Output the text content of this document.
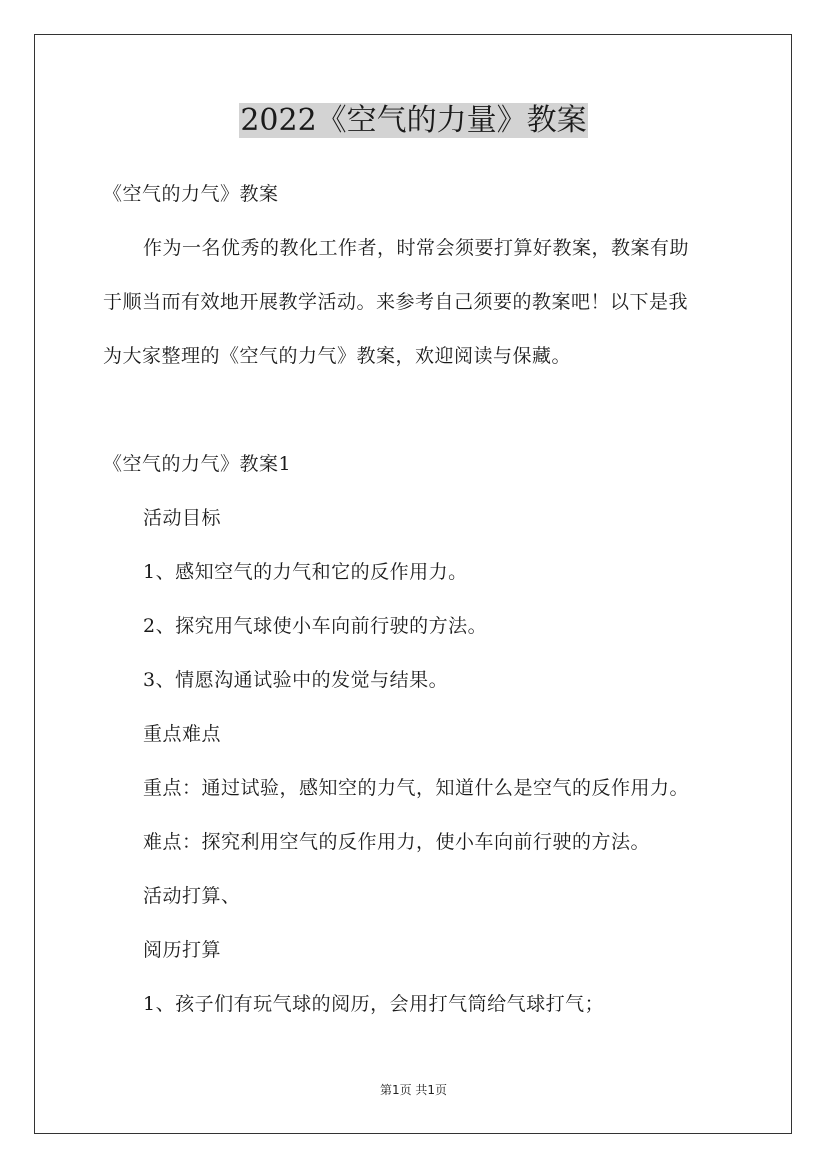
2022《空气的力量》教案

《空气的力气》教案

作为一名优秀的教化工作者，时常会须要打算好教案，教案有助

于顺当而有效地开展教学活动。来参考自己须要的教案吧！以下是我

为大家整理的《空气的力气》教案，欢迎阅读与保藏。

《空气的力气》教案1

活动目标

1、感知空气的力气和它的反作用力。

2、探究用气球使小车向前行驶的方法。

3、情愿沟通试验中的发觉与结果。

重点难点

重点：通过试验，感知空的力气，知道什么是空气的反作用力。

难点：探究利用空气的反作用力，使小车向前行驶的方法。

活动打算、

阅历打算

1、孩子们有玩气球的阅历，会用打气筒给气球打气；

第1页 共1页
